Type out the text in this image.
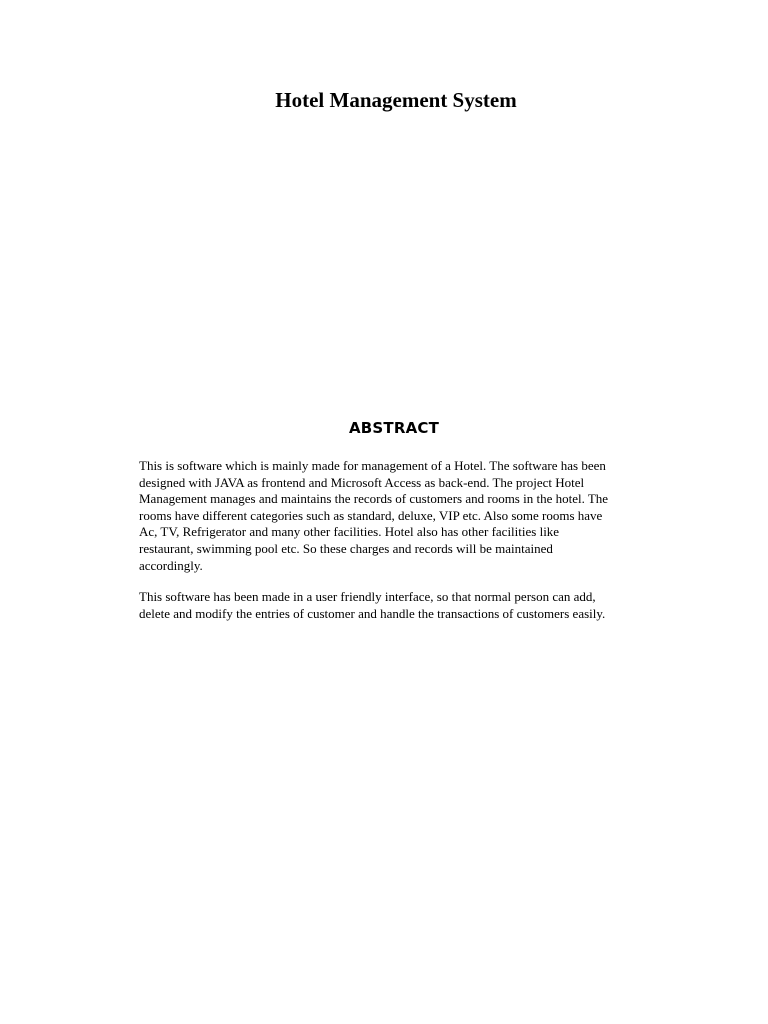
Hotel Management System
ABSTRACT

This is software which is mainly made for management of a Hotel. The software has been
designed with JAVA as frontend and Microsoft Access as back-end. The project Hotel
Management manages and maintains the records of customers and rooms in the hotel. The
rooms have different categories such as standard, deluxe, VIP etc. Also some rooms have
Ac, TV, Refrigerator and many other facilities. Hotel also has other facilities like
restaurant, swimming pool etc. So these charges and records will be maintained
accordingly.

This software has been made in a user friendly interface, so that normal person can add,
delete and modify the entries of customer and handle the transactions of customers easily.
